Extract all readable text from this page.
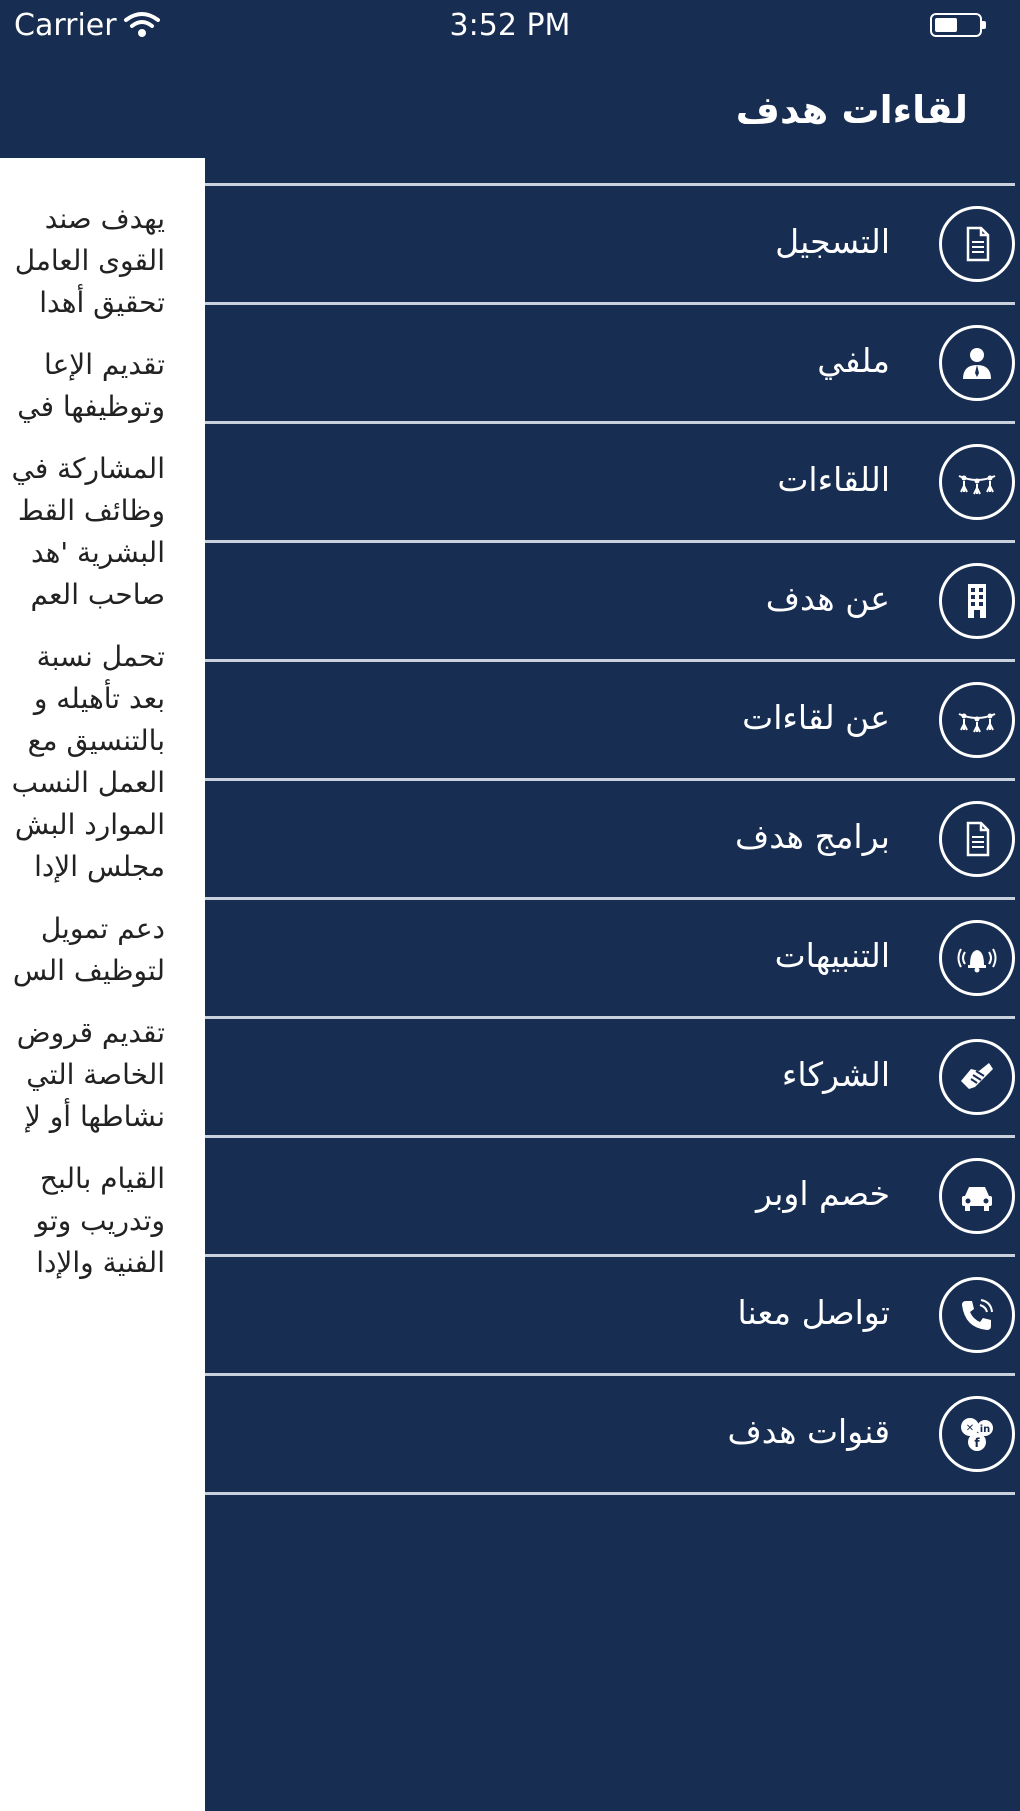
Carrier	3:52 PM

يهدف صند
القوى العامل
تحقيق أهدا

تقديم الإعا
وتوظيفها في

المشاركة في
وظائف القط
البشرية 'هد
صاحب العم

تحمل نسبة
بعد تأهيله و
بالتنسيق مع
العمل النسب
الموارد البش
مجلس الإدا

دعم تمويل
لتوظيف الس

تقديم قروض
الخاصة التي
نشاطها أو لإ

القيام بالبح
وتدريب وتو
الفنية والإدا

لقاءات هدف
التسجيل
ملفي
اللقاءات
عن هدف
عن لقاءات
برامج هدف
التنبيهات
الشركاء
خصم اوبر
تواصل معنا
✕ in
f
قنوات هدف
